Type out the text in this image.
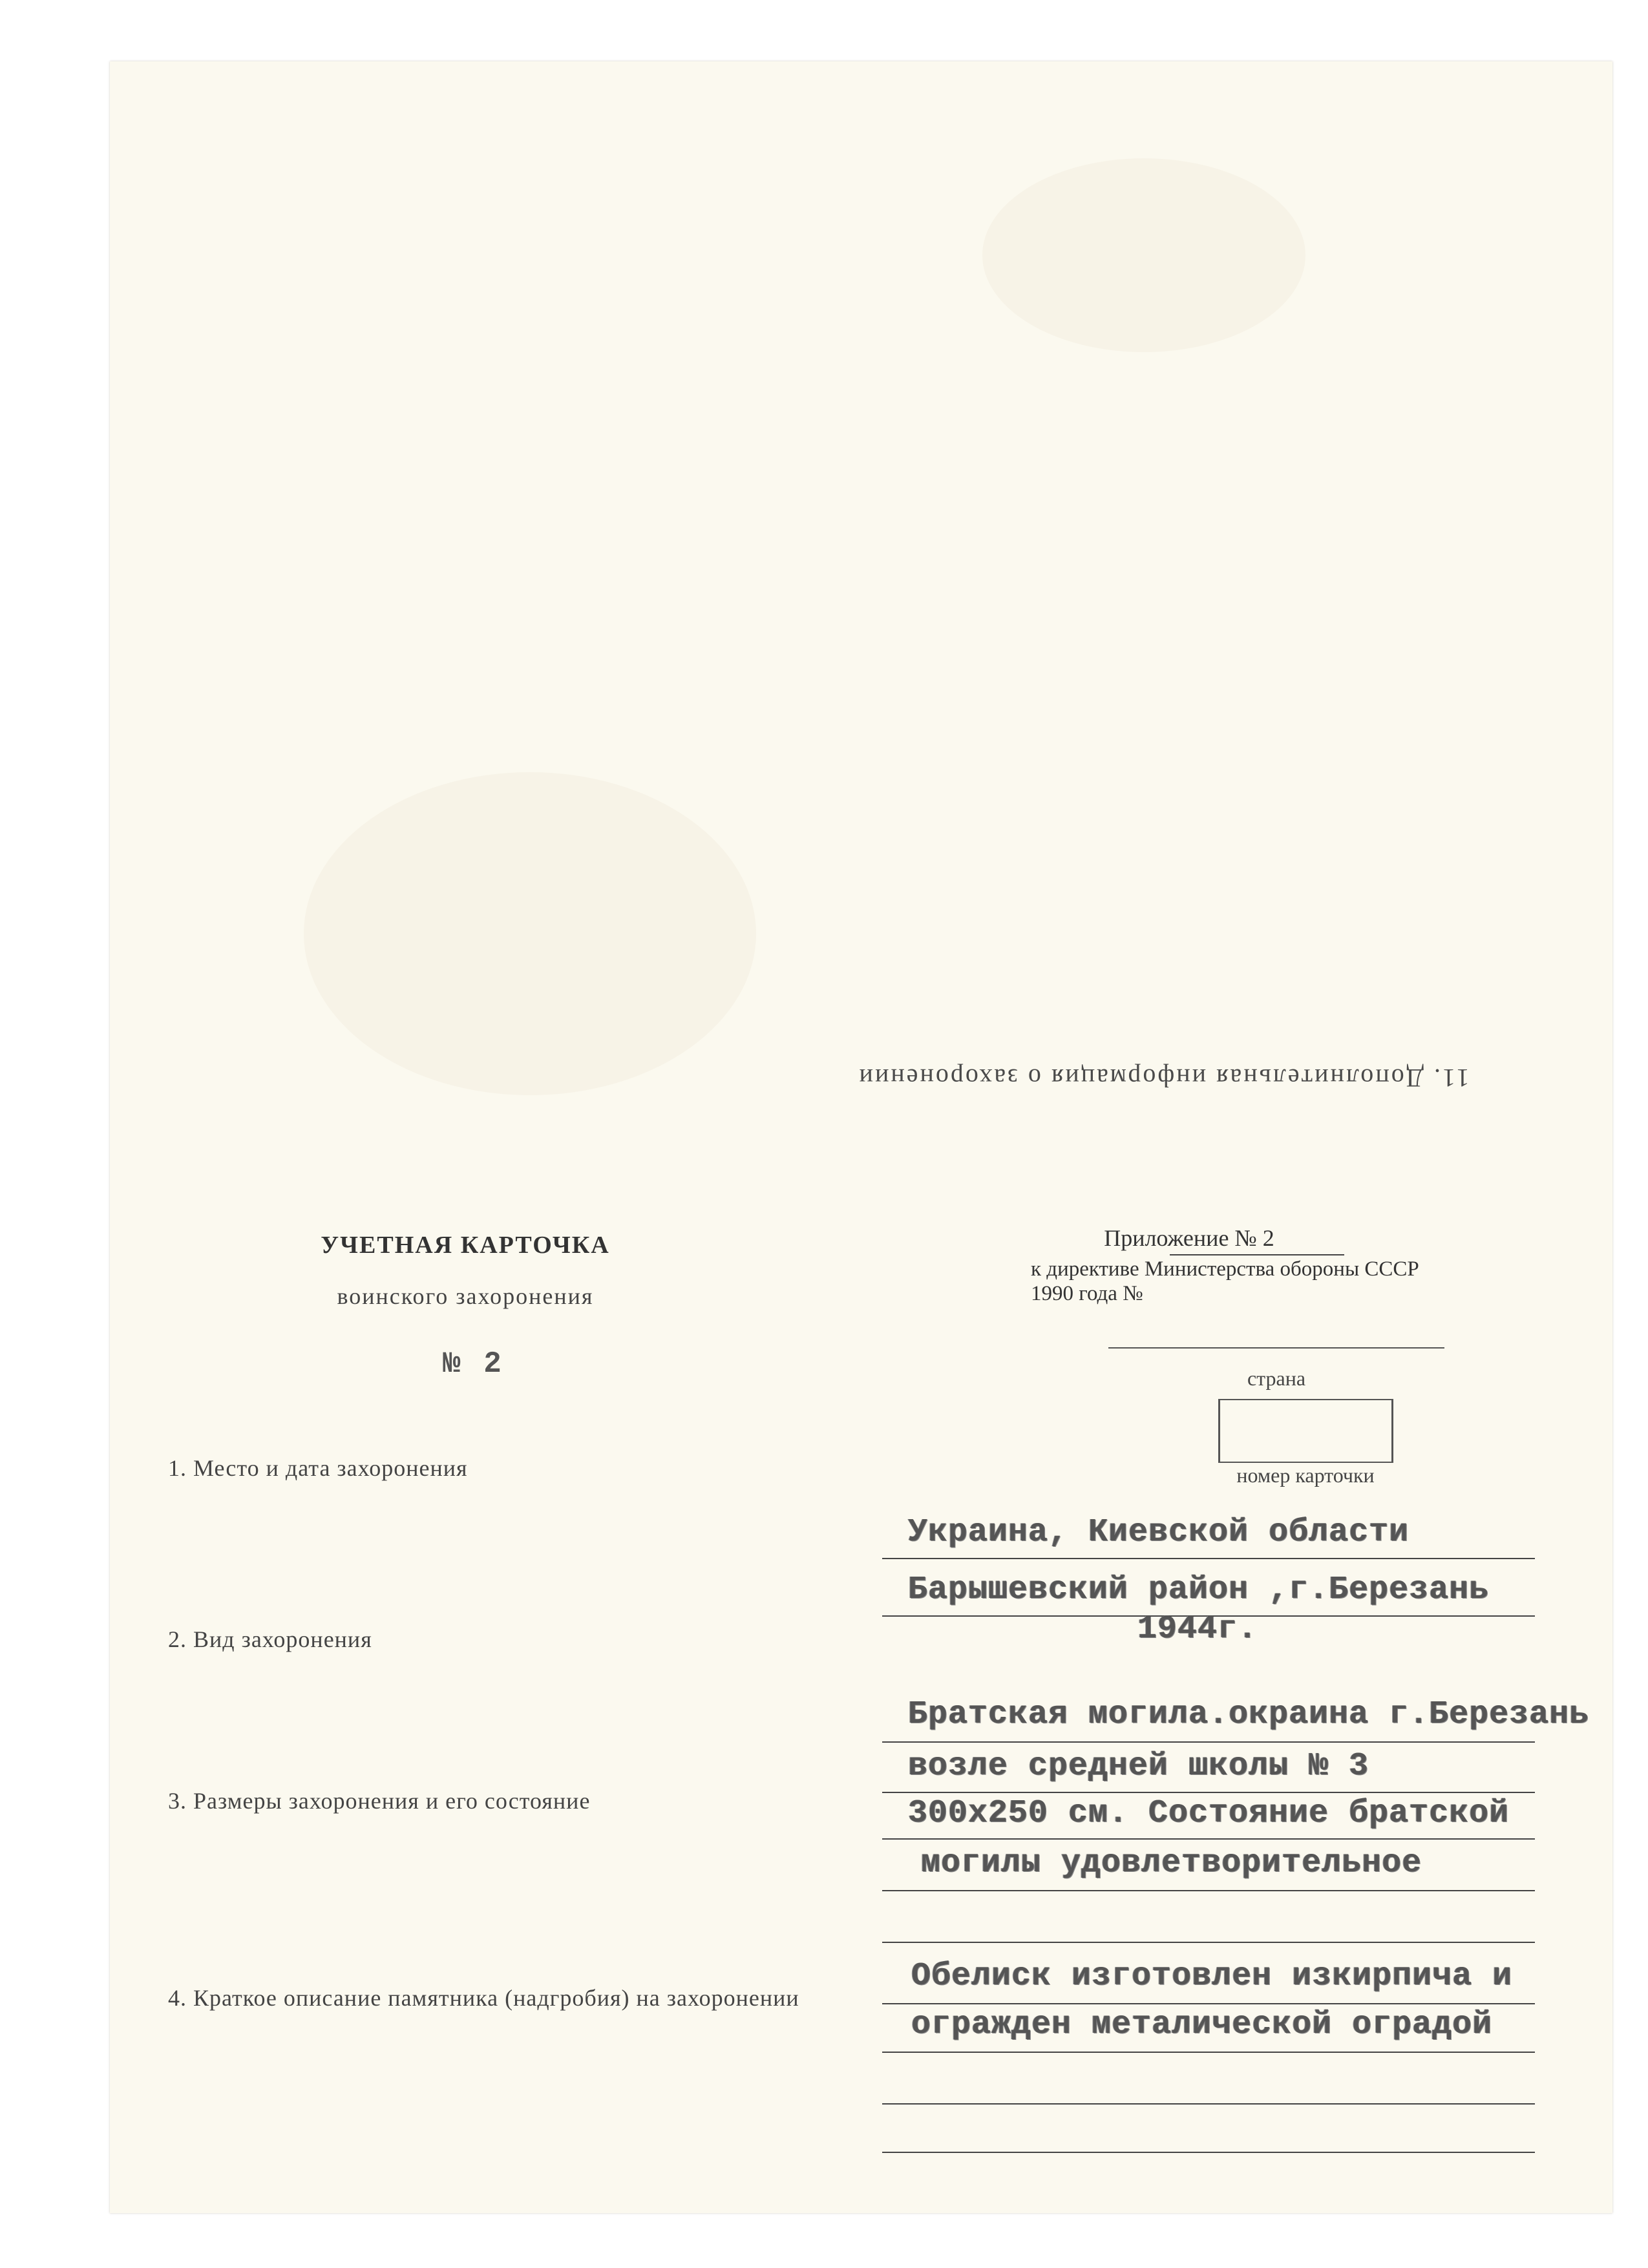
11. Дополнительная информация о захоронении
УЧЕТНАЯ КАРТОЧКА
воинского захоронения
№ 2
Приложение № 2
к директиве Министерства обороны СССР
1990 года №
страна
номер карточки
1. Место и дата захоронения
2. Вид захоронения
3. Размеры захоронения и его состояние
4. Краткое описание памятника (надгробия) на захоронении
Украина, Киевской области
Барышевский район ,г.Березань
1944г.
Братская могила.окраина г.Березань
возле средней школы № 3
300х250 см. Состояние братской
могилы удовлетворительное
Обелиск изготовлен изкирпича и
огражден металической оградой
